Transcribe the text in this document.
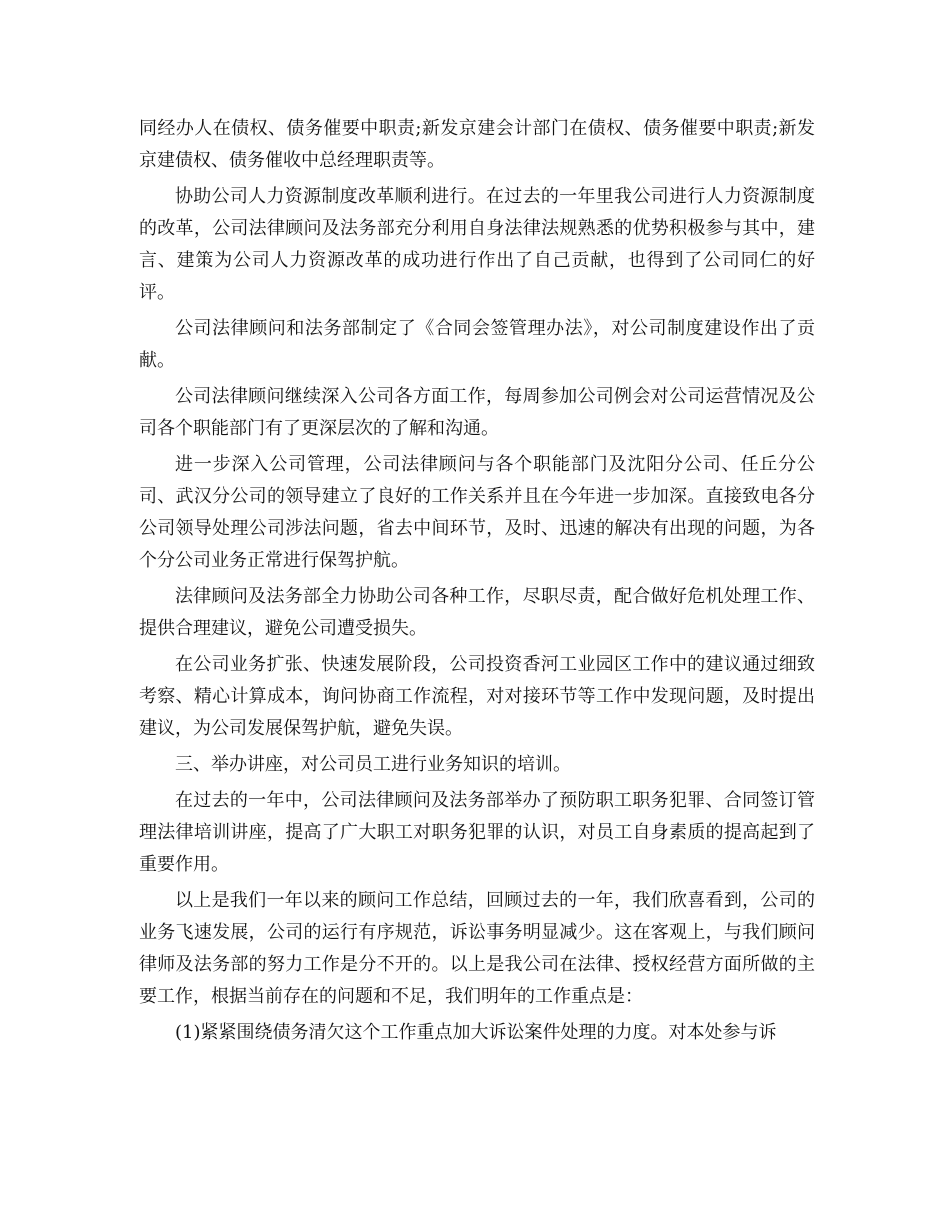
同经办人在债权、债务催要中职责;新发京建会计部门在债权、债务催要中职责;新发京建债权、债务催收中总经理职责等。

协助公司人力资源制度改革顺利进行。在过去的一年里我公司进行人力资源制度的改革，公司法律顾问及法务部充分利用自身法律法规熟悉的优势积极参与其中，建言、建策为公司人力资源改革的成功进行作出了自己贡献，也得到了公司同仁的好评。

公司法律顾问和法务部制定了《合同会签管理办法》，对公司制度建设作出了贡献。

公司法律顾问继续深入公司各方面工作，每周参加公司例会对公司运营情况及公司各个职能部门有了更深层次的了解和沟通。

进一步深入公司管理，公司法律顾问与各个职能部门及沈阳分公司、任丘分公司、武汉分公司的领导建立了良好的工作关系并且在今年进一步加深。直接致电各分公司领导处理公司涉法问题，省去中间环节，及时、迅速的解决有出现的问题，为各个分公司业务正常进行保驾护航。

法律顾问及法务部全力协助公司各种工作，尽职尽责，配合做好危机处理工作、提供合理建议，避免公司遭受损失。

在公司业务扩张、快速发展阶段，公司投资香河工业园区工作中的建议通过细致考察、精心计算成本，询问协商工作流程，对对接环节等工作中发现问题，及时提出建议，为公司发展保驾护航，避免失误。

三、举办讲座，对公司员工进行业务知识的培训。

在过去的一年中，公司法律顾问及法务部举办了预防职工职务犯罪、合同签订管理法律培训讲座，提高了广大职工对职务犯罪的认识，对员工自身素质的提高起到了重要作用。

以上是我们一年以来的顾问工作总结，回顾过去的一年，我们欣喜看到，公司的业务飞速发展，公司的运行有序规范，诉讼事务明显减少。这在客观上，与我们顾问律师及法务部的努力工作是分不开的。以上是我公司在法律、授权经营方面所做的主要工作，根据当前存在的问题和不足，我们明年的工作重点是：

(1)紧紧围绕债务清欠这个工作重点加大诉讼案件处理的力度。对本处参与诉
